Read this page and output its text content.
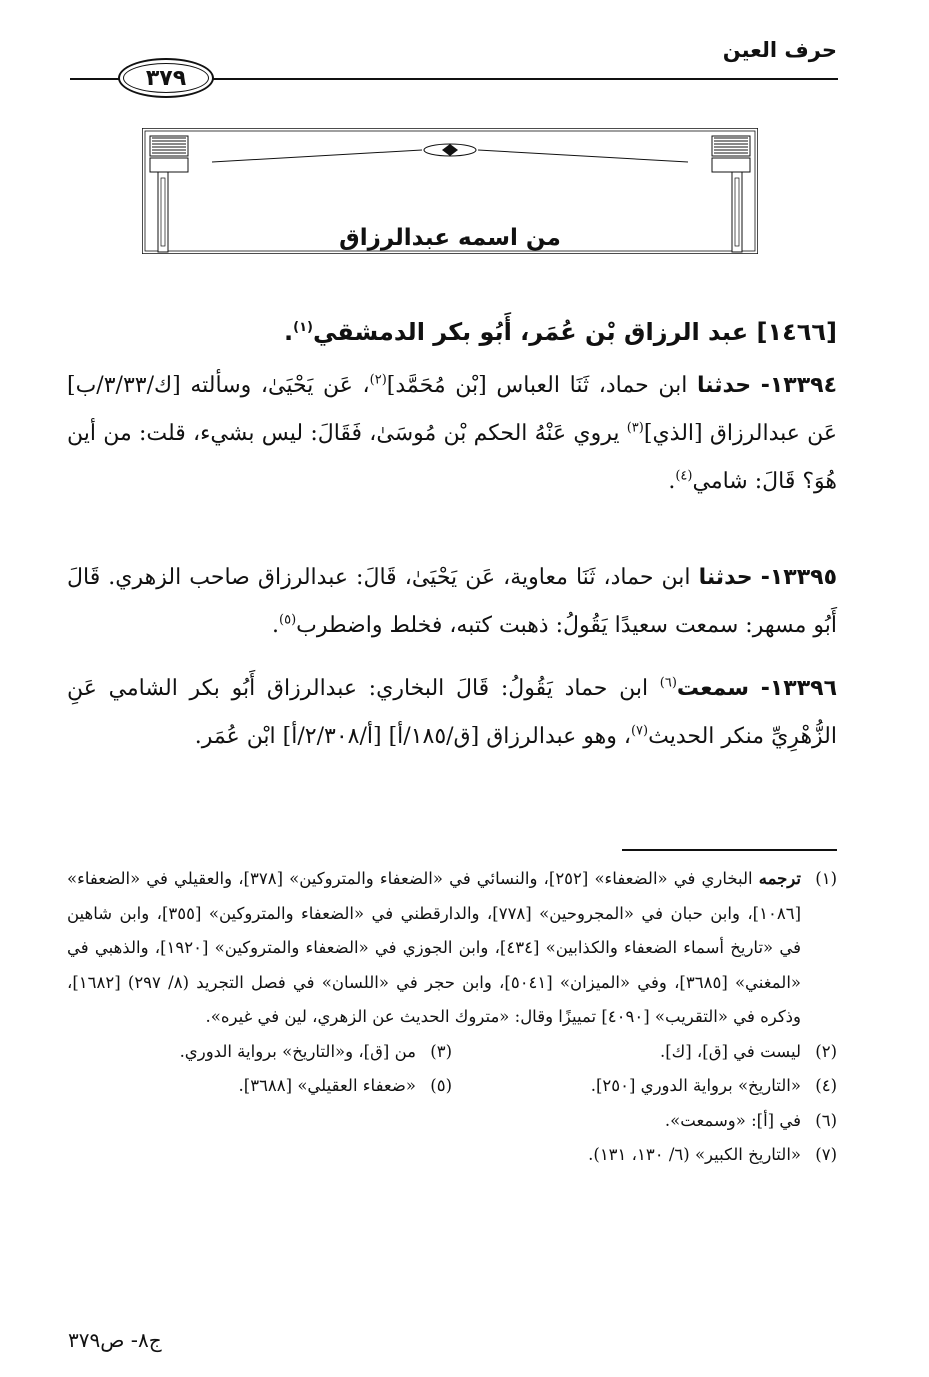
حرف العين
٣٧٩
من اسمه عبدالرزاق
[١٤٦٦] عبد الرزاق بْن عُمَر، أَبُو بكر الدمشقي$^{(١)}$.
١٣٣٩٤- حدثنا ابن حماد، ثَنَا العباس [بْن مُحَمَّد]$^{(٢)}$، عَن يَحْيَىٰ، وسألته [ك/٣/٣٣/ب] عَن عبدالرزاق [الذي]$^{(٣)}$ يروي عَنْهُ الحكم بْن مُوسَىٰ، فَقَالَ: ليس بشيء، قلت: من أين هُوَ؟ قَالَ: شامي$^{(٤)}$.
١٣٣٩٥- حدثنا ابن حماد، ثَنَا معاوية، عَن يَحْيَىٰ، قَالَ: عبدالرزاق صاحب الزهري. قَالَ أَبُو مسهر: سمعت سعيدًا يَقُولُ: ذهبت كتبه، فخلط واضطرب$^{(٥)}$.
١٣٣٩٦- سمعت$^{(٦)}$ ابن حماد يَقُولُ: قَالَ البخاري: عبدالرزاق أَبُو بكر الشامي عَنِ الزُّهْرِيِّ منكر الحديث$^{(٧)}$، وهو عبدالرزاق [ق/١٨٥/أ] [أ/٢/٣٠٨/أ] ابْن عُمَر.
(١)
ترجمه البخاري في «الضعفاء» [٢٥٢]، والنسائي في «الضعفاء والمتروكين» [٣٧٨]، والعقيلي في «الضعفاء» [١٠٨٦]، وابن حبان في «المجروحين» [٧٧٨]، والدارقطني في «الضعفاء والمتروكين» [٣٥٥]، وابن شاهين في «تاريخ أسماء الضعفاء والكذابين» [٤٣٤]، وابن الجوزي في «الضعفاء والمتروكين» [١٩٢٠]، والذهبي في «المغني» [٣٦٨٥]، وفي «الميزان» [٥٠٤١]، وابن حجر في «اللسان» في فصل التجريد (٨/ ٢٩٧) [١٦٨٢]، وذكره في «التقريب» [٤٠٩٠] تمييزًا وقال: «متروك الحديث عن الزهري، لين في غيره».
(٢)
ليست في [ق]، [ك].
(٣)
من [ق]، و«التاريخ» برواية الدوري.
(٤)
«التاريخ» برواية الدوري [٢٥٠].
(٥)
«ضعفاء العقيلي» [٣٦٨٨].
(٦)
في [أ]: «وسمعت».
(٧)
«التاريخ الكبير» (٦/ ١٣٠، ١٣١).
ج٨- ص٣٧٩
